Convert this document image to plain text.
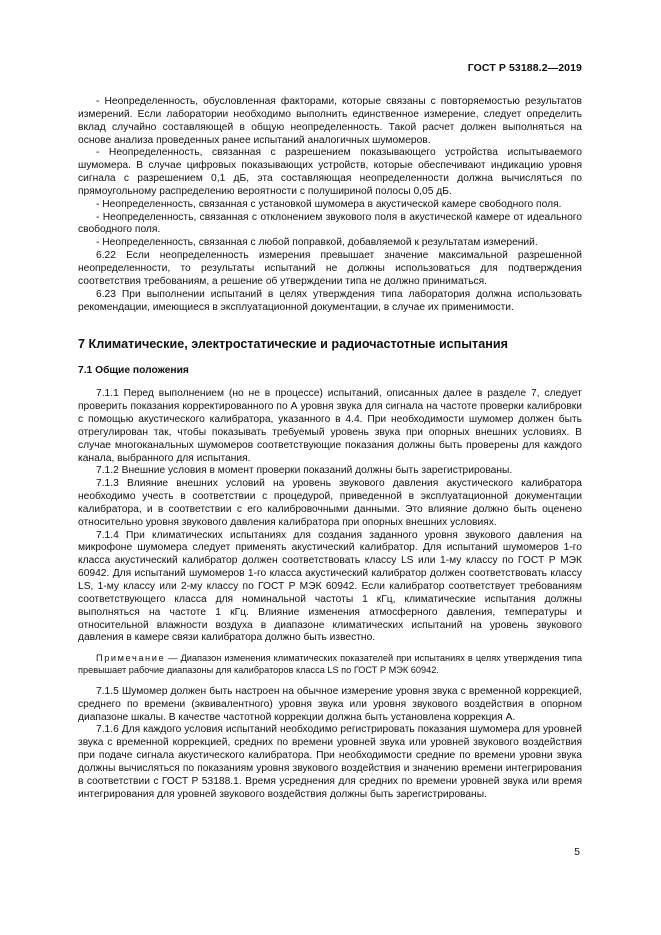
ГОСТ Р 53188.2—2019

- Неопределенность, обусловленная факторами, которые связаны с повторяемостью результатов измерений. Если лаборатории необходимо выполнить единственное измерение, следует определить вклад случайно составляющей в общую неопределенность. Такой расчет должен выполняться на основе анализа проведенных ранее испытаний аналогичных шумомеров.

- Неопределенность, связанная с разрешением показывающего устройства испытываемого шумомера. В случае цифровых показывающих устройств, которые обеспечивают индикацию уровня сигнала с разрешением 0,1 дБ, эта составляющая неопределенности должна вычисляться по прямоугольному распределению вероятности с полушириной полосы 0,05 дБ.

- Неопределенность, связанная с установкой шумомера в акустической камере свободного поля.

- Неопределенность, связанная с отклонением звукового поля в акустической камере от идеального свободного поля.

- Неопределенность, связанная с любой поправкой, добавляемой к результатам измерений.

6.22 Если неопределенность измерения превышает значение максимальной разрешенной неопределенности, то результаты испытаний не должны использоваться для подтверждения соответствия требованиям, а решение об утверждении типа не должно приниматься.

6.23 При выполнении испытаний в целях утверждения типа лаборатория должна использовать рекомендации, имеющиеся в эксплуатационной документации, в случае их применимости.

7 Климатические, электростатические и радиочастотные испытания
7.1 Общие положения

7.1.1 Перед выполнением (но не в процессе) испытаний, описанных далее в разделе 7, следует проверить показания корректированного по А уровня звука для сигнала на частоте проверки калибровки с помощью акустического калибратора, указанного в 4.4. При необходимости шумомер должен быть отрегулирован так, чтобы показывать требуемый уровень звука при опорных внешних условиях. В случае многоканальных шумомеров соответствующие показания должны быть проверены для каждого канала, выбранного для испытания.

7.1.2 Внешние условия в момент проверки показаний должны быть зарегистрированы.

7.1.3 Влияние внешних условий на уровень звукового давления акустического калибратора необходимо учесть в соответствии с процедурой, приведенной в эксплуатационной документации калибратора, и в соответствии с его калибровочными данными. Это влияние должно быть оценено относительно уровня звукового давления калибратора при опорных внешних условиях.

7.1.4 При климатических испытаниях для создания заданного уровня звукового давления на микрофоне шумомера следует применять акустический калибратор. Для испытаний шумомеров 1-го класса акустический калибратор должен соответствовать классу LS или 1-му классу по ГОСТ Р МЭК 60942. Для испытаний шумомеров 1-го класса акустический калибратор должен соответствовать классу LS, 1-му классу или 2-му классу по ГОСТ Р МЭК 60942. Если калибратор соответствует требованиям соответствующего класса для номинальной частоты 1 кГц, климатические испытания должны выполняться на частоте 1 кГц. Влияние изменения атмосферного давления, температуры и относительной влажности воздуха в диапазоне климатических испытаний на уровень звукового давления в камере связи калибратора должно быть известно.

Примечание — Диапазон изменения климатических показателей при испытаниях в целях утверждения типа превышает рабочие диапазоны для калибраторов класса LS по ГОСТ Р МЭК 60942.

7.1.5 Шумомер должен быть настроен на обычное измерение уровня звука с временной коррекцией, среднего по времени (эквивалентного) уровня звука или уровня звукового воздействия в опорном диапазоне шкалы. В качестве частотной коррекции должна быть установлена коррекция А.

7.1.6 Для каждого условия испытаний необходимо регистрировать показания шумомера для уровней звука с временной коррекцией, средних по времени уровней звука или уровней звукового воздействия при подаче сигнала акустического калибратора. При необходимости средние по времени уровни звука должны вычисляться по показаниям уровня звукового воздействия и значению времени интегрирования в соответствии с ГОСТ Р 53188.1. Время усреднения для средних по времени уровней звука или время интегрирования для уровней звукового воздействия должны быть зарегистрированы.

5
